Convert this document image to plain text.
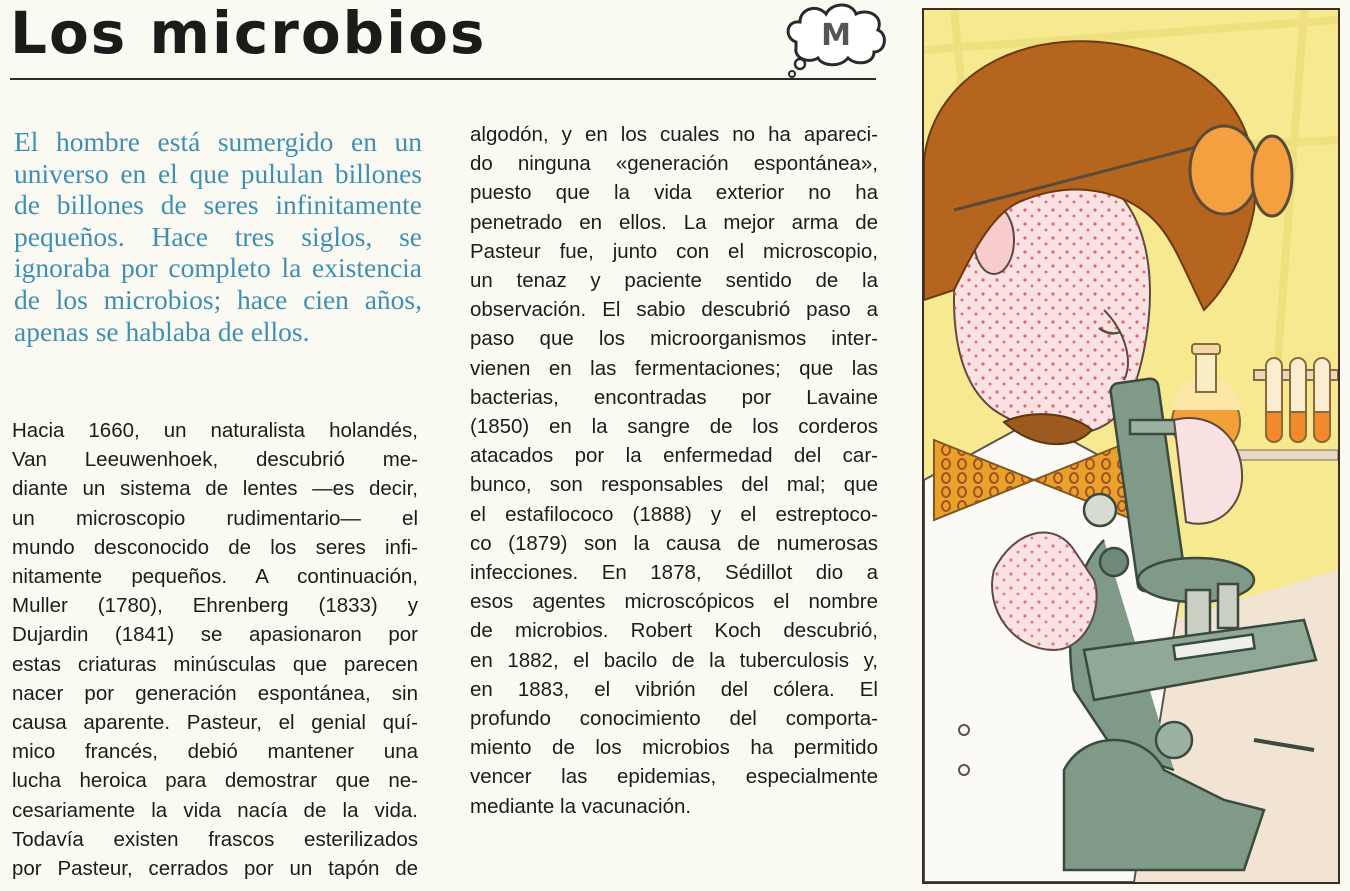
Los microbios	M

El hombre está sumergido en un universo en el que pululan billones de billones de seres infinitamente pequeños. Hace tres siglos, se ignoraba por completo la existencia de los microbios; hace cien años, apenas se hablaba de ellos.

Hacia 1660, un naturalista holandés,
Van Leeuwenhoek, descubrió me-
diante un sistema de lentes —es decir,
un microscopio rudimentario— el
mundo desconocido de los seres infi-
nitamente pequeños. A continuación,
Muller (1780), Ehrenberg (1833) y
Dujardin (1841) se apasionaron por
estas criaturas minúsculas que parecen
nacer por generación espontánea, sin
causa aparente. Pasteur, el genial quí-
mico francés, debió mantener una
lucha heroica para demostrar que ne-
cesariamente la vida nacía de la vida.
Todavía existen frascos esterilizados
por Pasteur, cerrados por un tapón de
algodón, y en los cuales no ha apareci-
do ninguna «generación espontánea»,
puesto que la vida exterior no ha
penetrado en ellos. La mejor arma de
Pasteur fue, junto con el microscopio,
un tenaz y paciente sentido de la
observación. El sabio descubrió paso a
paso que los microorganismos inter-
vienen en las fermentaciones; que las
bacterias, encontradas por Lavaine
(1850) en la sangre de los corderos
atacados por la enfermedad del car-
bunco, son responsables del mal; que
el estafilococo (1888) y el estreptoco-
co (1879) son la causa de numerosas
infecciones. En 1878, Sédillot dio a
esos agentes microscópicos el nombre
de microbios. Robert Koch descubrió,
en 1882, el bacilo de la tuberculosis y,
en 1883, el vibrión del cólera. El
profundo conocimiento del comporta-
miento de los microbios ha permitido
vencer las epidemias, especialmente
mediante la vacunación.
